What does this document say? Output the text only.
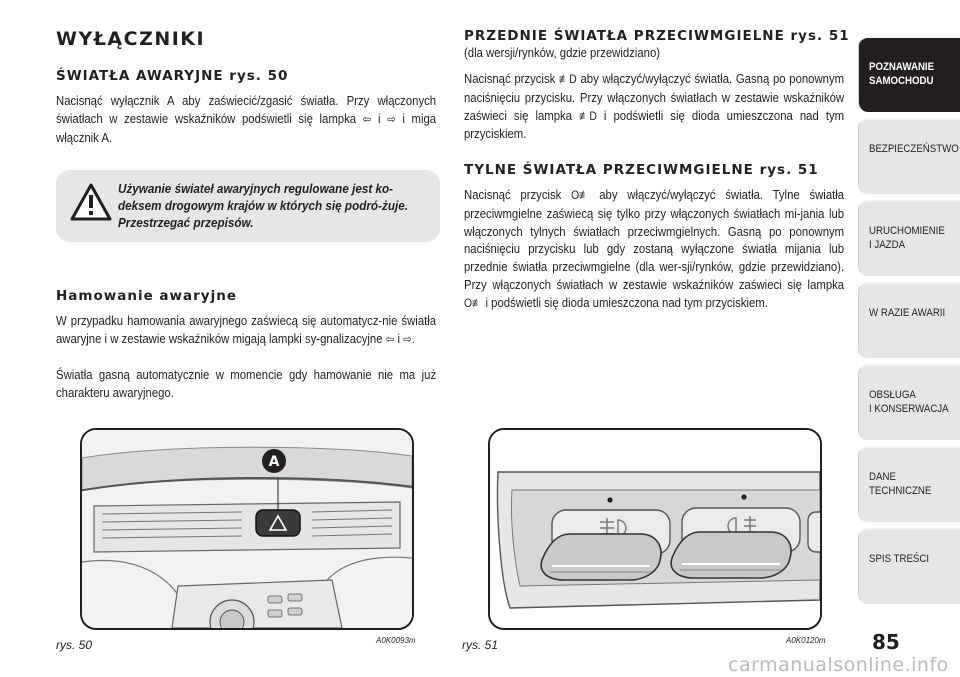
WYŁĄCZNIKI
ŚWIATŁA AWARYJNE rys. 50
Nacisnąć wyłącznik A aby zaświecić/zgasić światła. Przy włączonych światłach w zestawie wskaźników podświetli się lampka ⇦ i ⇨ i miga włącznik A.
Używanie świateł awaryjnych regulowane jest ko-deksem drogowym krajów w których się podró-żuje. Przestrzegać przepisów.
Hamowanie awaryjne
W przypadku hamowania awaryjnego zaświecą się automatycz-nie światła awaryjne i w zestawie wskaźników migają lampki sy-gnalizacyjne ⇦ i ⇨.
Światła gasną automatycznie w momencie gdy hamowanie nie ma już charakteru awaryjnego.
A
rys. 50	A0K0093m
PRZEDNIE ŚWIATŁA PRZECIWMGIELNE rys. 51
(dla wersji/rynków, gdzie przewidziano)
Nacisnąć przycisk ≢D aby włączyć/wyłączyć światła. Gasną po ponownym naciśnięciu przycisku. Przy włączonych światłach w zestawie wskaźników zaświeci się lampka ≢D i podświetli się dioda umieszczona nad tym przyciskiem.
TYLNE ŚWIATŁA PRZECIWMGIELNE rys. 51
Nacisnąć przycisk O≢ aby włączyć/wyłączyć światła. Tylne światła przeciwmgielne zaświecą się tylko przy włączonych światłach mi-jania lub włączonych tylnych światłach przeciwmgielnych. Gasną po ponownym naciśnięciu przycisku lub gdy zostaną wyłączone światła mijania lub przednie światła przeciwmgielne (dla wer-sji/rynków, gdzie przewidziano). Przy włączonych światłach w zestawie wskaźników zaświeci się lampka O≢ i podświetli się dioda umieszczona nad tym przyciskiem.
rys. 51	A0K0120m
POZNAWANIE
SAMOCHODU
BEZPIECZEŃSTWO
URUCHOMIENIE
I JAZDA
W RAZIE AWARII
OBSŁUGA
I KONSERWACJA
DANE
TECHNICZNE
SPIS TREŚCI
85
carmanualsonline.info
